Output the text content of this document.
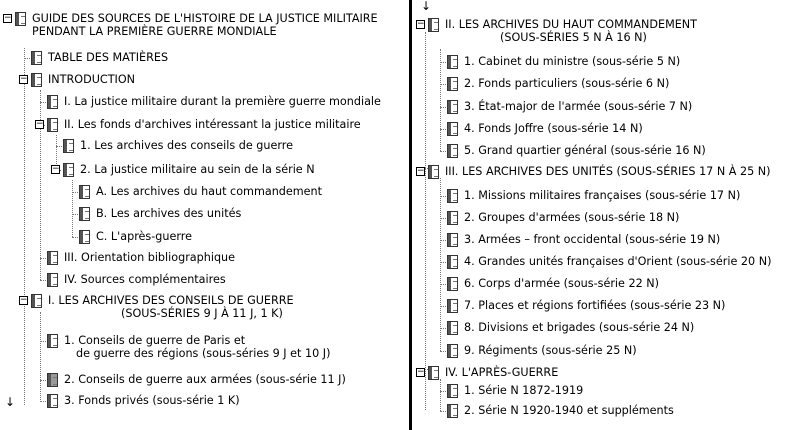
− GUIDE DES SOURCES DE L'HISTOIRE DE LA JUSTICE MILITAIRE
PENDANT LA PREMIÈRE GUERRE MONDIALE
TABLE DES MATIÈRES
− INTRODUCTION
I. La justice militaire durant la première guerre mondiale
− II. Les fonds d'archives intéressant la justice militaire
1. Les archives des conseils de guerre
− 2. La justice militaire au sein de la série N
A. Les archives du haut commandement
B. Les archives des unités
C. L'après-guerre
III. Orientation bibliographique
IV. Sources complémentaires
− I. LES ARCHIVES DES CONSEILS DE GUERRE
(SOUS-SÉRIES 9 J À 11 J, 1 K)
1. Conseils de guerre de Paris et
de guerre des régions (sous-séries 9 J et 10 J)
2. Conseils de guerre aux armées (sous-série 11 J)
3. Fonds privés (sous-série 1 K)
↓
↓
− II. LES ARCHIVES DU HAUT COMMANDEMENT
(SOUS-SÉRIES 5 N À 16 N)
1. Cabinet du ministre (sous-série 5 N)
2. Fonds particuliers (sous-série 6 N)
3. État-major de l'armée (sous-série 7 N)
4. Fonds Joffre (sous-série 14 N)
5. Grand quartier général (sous-série 16 N)
− III. LES ARCHIVES DES UNITÉS (SOUS-SÉRIES 17 N À 25 N)
1. Missions militaires françaises (sous-série 17 N)
2. Groupes d'armées (sous-série 18 N)
3. Armées – front occidental (sous-série 19 N)
4. Grandes unités françaises d'Orient (sous-série 20 N)
6. Corps d'armée (sous-série 22 N)
7. Places et régions fortifiées (sous-série 23 N)
8. Divisions et brigades (sous-série 24 N)
9. Régiments (sous-série 25 N)
− IV. L'APRÈS-GUERRE
1. Série N 1872-1919
2. Série N 1920-1940 et suppléments
